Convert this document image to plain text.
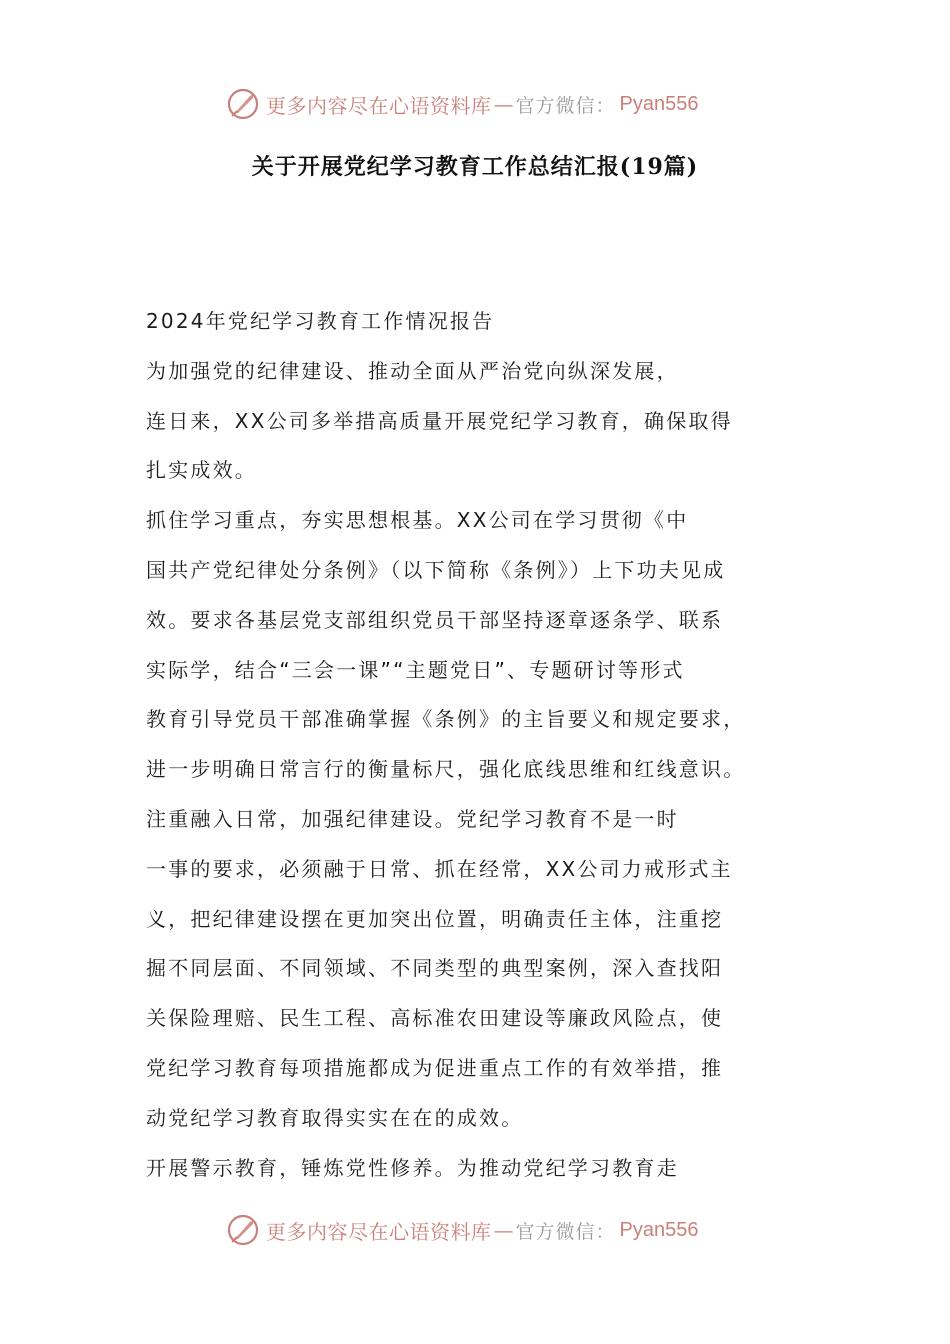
更多内容尽在心语资料库 — 官方微信： Pyan556
关于开展党纪学习教育工作总结汇报(19篇)

2024年党纪学习教育工作情况报告

为加强党的纪律建设、推动全面从严治党向纵深发展，

连日来，XX公司多举措高质量开展党纪学习教育，确保取得

扎实成效。

抓住学习重点，夯实思想根基。XX公司在学习贯彻《中

国共产党纪律处分条例》（以下简称《条例》）上下功夫见成

效。要求各基层党支部组织党员干部坚持逐章逐条学、联系

实际学，结合“三会一课”“主题党日”、专题研讨等形式

教育引导党员干部准确掌握《条例》的主旨要义和规定要求，

进一步明确日常言行的衡量标尺，强化底线思维和红线意识。

注重融入日常，加强纪律建设。党纪学习教育不是一时

一事的要求，必须融于日常、抓在经常，XX公司力戒形式主

义，把纪律建设摆在更加突出位置，明确责任主体，注重挖

掘不同层面、不同领域、不同类型的典型案例，深入查找阳

关保险理赔、民生工程、高标准农田建设等廉政风险点，使

党纪学习教育每项措施都成为促进重点工作的有效举措，推

动党纪学习教育取得实实在在的成效。

开展警示教育，锤炼党性修养。为推动党纪学习教育走

更多内容尽在心语资料库 — 官方微信： Pyan556
